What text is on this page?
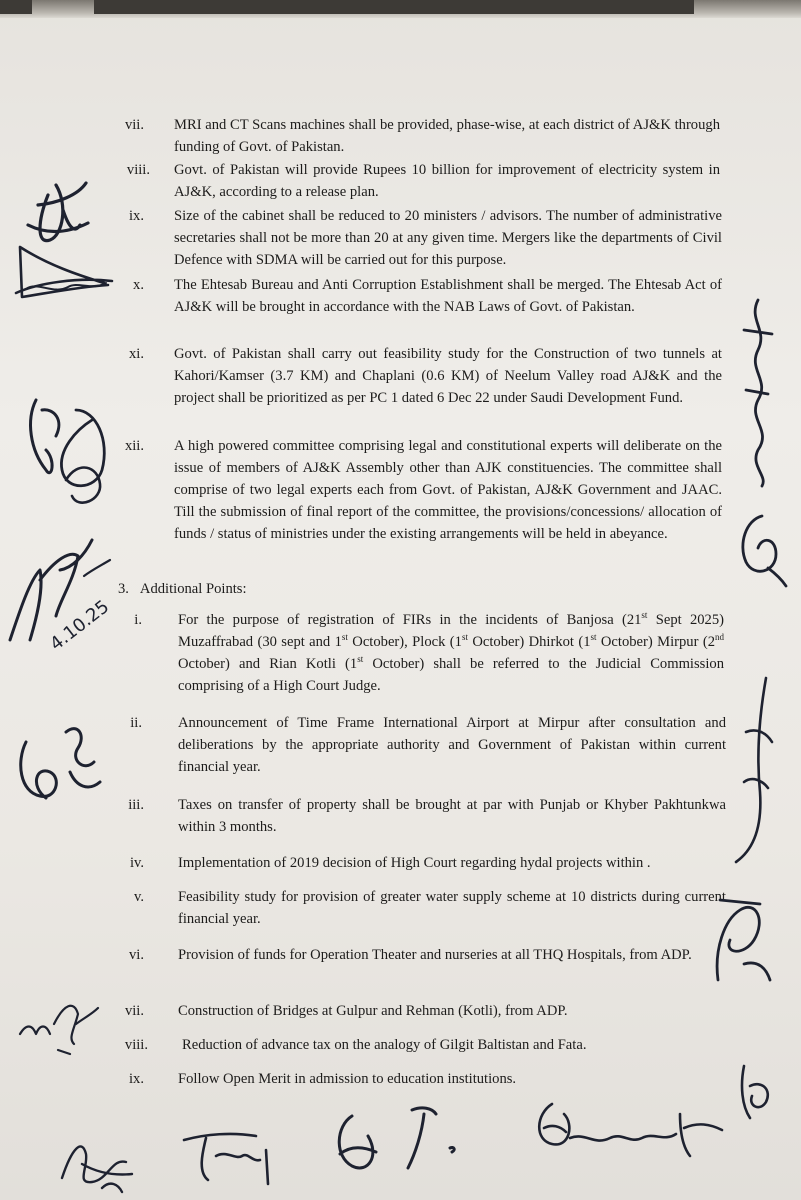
vii. MRI and CT Scans machines shall be provided, phase-wise, at each district of AJ&K through funding of Govt. of Pakistan.
viii. Govt. of Pakistan will provide Rupees 10 billion for improvement of electricity system in AJ&K, according to a release plan.
ix. Size of the cabinet shall be reduced to 20 ministers / advisors. The number of administrative secretaries shall not be more than 20 at any given time. Mergers like the departments of Civil Defence with SDMA will be carried out for this purpose.
x. The Ehtesab Bureau and Anti Corruption Establishment shall be merged. The Ehtesab Act of AJ&K will be brought in accordance with the NAB Laws of Govt. of Pakistan.
xi. Govt. of Pakistan shall carry out feasibility study for the Construction of two tunnels at Kahori/Kamser (3.7 KM) and Chaplani (0.6 KM) of Neelum Valley road AJ&K and the project shall be prioritized as per PC 1 dated 6 Dec 22 under Saudi Development Fund.
xii. A high powered committee comprising legal and constitutional experts will deliberate on the issue of members of AJ&K Assembly other than AJK constituencies. The committee shall comprise of two legal experts each from Govt. of Pakistan, AJ&K Government and JAAC. Till the submission of final report of the committee, the provisions/concessions/ allocation of funds / status of ministries under the existing arrangements will be held in abeyance.
3. Additional Points:
i. For the purpose of registration of FIRs in the incidents of Banjosa (21st Sept 2025) Muzaffrabad (30 sept and 1st October), Plock (1st October) Dhirkot (1st October) Mirpur (2nd October) and Rian Kotli (1st October) shall be referred to the Judicial Commission comprising of a High Court Judge.
ii. Announcement of Time Frame International Airport at Mirpur after consultation and deliberations by the appropriate authority and Government of Pakistan within current financial year.
iii. Taxes on transfer of property shall be brought at par with Punjab or Khyber Pakhtunkwa within 3 months.
iv. Implementation of 2019 decision of High Court regarding hydal projects within .
v. Feasibility study for provision of greater water supply scheme at 10 districts during current financial year.
vi. Provision of funds for Operation Theater and nurseries at all THQ Hospitals, from ADP.
vii. Construction of Bridges at Gulpur and Rehman (Kotli), from ADP.
viii. Reduction of advance tax on the analogy of Gilgit Baltistan and Fata.
ix. Follow Open Merit in admission to education institutions.
4.10.25
